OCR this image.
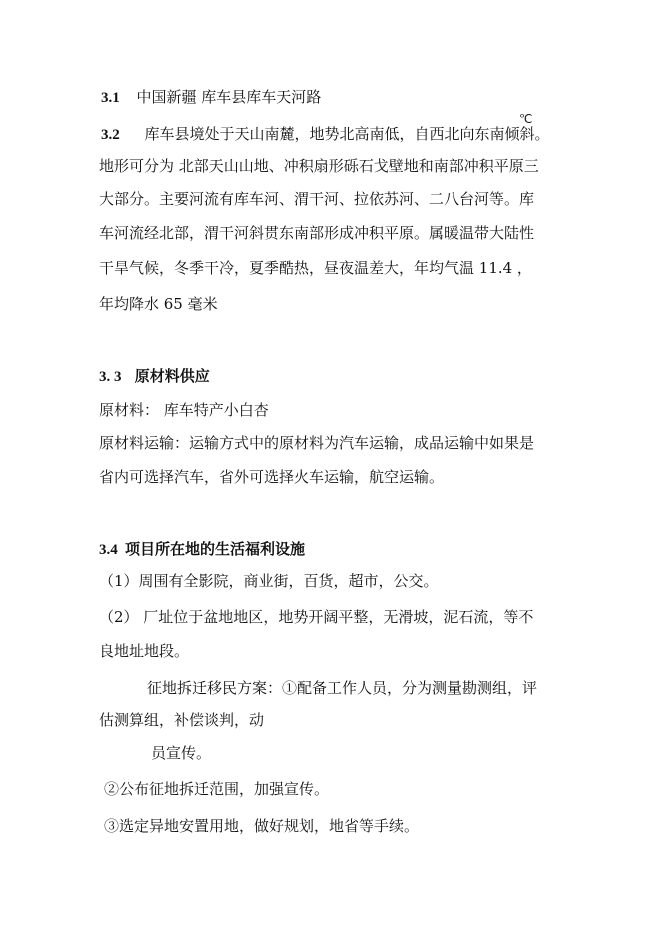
3.1 中国新疆 库车县库车天河路
3.2 库车县境处于天山南麓，地势北高南低，自西北向东南倾斜。
℃
地形可分为 北部天山山地、冲积扇形砾石戈壁地和南部冲积平原三
大部分。主要河流有库车河、渭干河、拉依苏河、二八台河等。库
车河流经北部，渭干河斜贯东南部形成冲积平原。属暖温带大陆性
干旱气候，冬季干冷，夏季酷热，昼夜温差大，年均气温 11.4 ，
年均降水 65 毫米
3. 3 原材料供应
原材料： 库车特产小白杏
原材料运输：运输方式中的原材料为汽车运输，成品运输中如果是
省内可选择汽车，省外可选择火车运输，航空运输。
3.4 项目所在地的生活福利设施
（1）周围有全影院，商业街，百货，超市，公交。
（2） 厂址位于盆地地区，地势开阔平整，无滑坡，泥石流，等不
良地址地段。
征地拆迁移民方案：①配备工作人员，分为测量勘测组，评
估测算组，补偿谈判，动
员宣传。
②公布征地拆迁范围，加强宣传。
③选定异地安置用地，做好规划，地省等手续。
